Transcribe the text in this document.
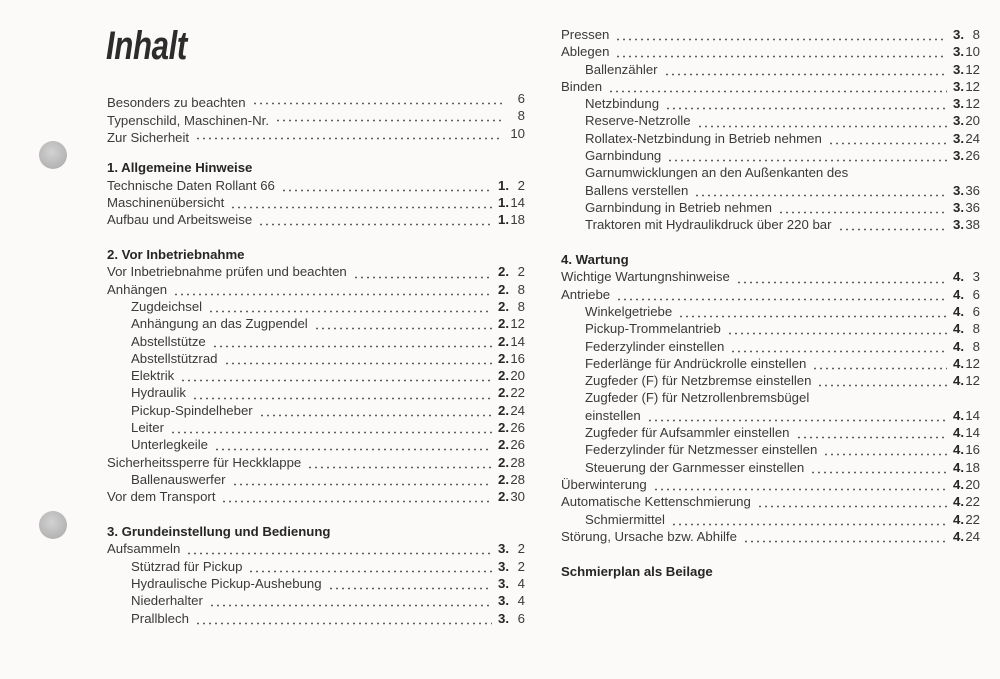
Inhalt
Besonders zu beachten	6
Typenschild, Maschinen-Nr.	8
Zur Sicherheit	10
1. Allgemeine Hinweise
Technische Daten Rollant 66	1. 2
Maschinenübersicht	1. 14
Aufbau und Arbeitsweise	1. 18
2. Vor Inbetriebnahme
Vor Inbetriebnahme prüfen und beachten	2. 2
Anhängen	2. 8
Zugdeichsel	2. 8
Anhängung an das Zugpendel	2. 12
Abstellstütze	2. 14
Abstellstützrad	2. 16
Elektrik	2. 20
Hydraulik	2. 22
Pickup-Spindelheber	2. 24
Leiter	2. 26
Unterlegkeile	2. 26
Sicherheitssperre für Heckklappe	2. 28
Ballenauswerfer	2. 28
Vor dem Transport	2. 30
3. Grundeinstellung und Bedienung
Aufsammeln	3. 2
Stützrad für Pickup	3. 2
Hydraulische Pickup-Aushebung	3. 4
Niederhalter	3. 4
Prallblech	3. 6
Pressen	3. 8
Ablegen	3. 10
Ballenzähler	3. 12
Binden	3. 12
Netzbindung	3. 12
Reserve-Netzrolle	3. 20
Rollatex-Netzbindung in Betrieb nehmen	3. 24
Garnbindung	3. 26
Garnumwicklungen an den Außenkanten des
Ballens verstellen	3. 36
Garnbindung in Betrieb nehmen	3. 36
Traktoren mit Hydraulikdruck über 220 bar	3. 38
4. Wartung
Wichtige Wartungnshinweise	4. 3
Antriebe	4. 6
Winkelgetriebe	4. 6
Pickup-Trommelantrieb	4. 8
Federzylinder einstellen	4. 8
Federlänge für Andrückrolle einstellen	4. 12
Zugfeder (F) für Netzbremse einstellen	4. 12
Zugfeder (F) für Netzrollenbremsbügel
einstellen	4. 14
Zugfeder für Aufsammler einstellen	4. 14
Federzylinder für Netzmesser einstellen	4. 16
Steuerung der Garnmesser einstellen	4. 18
Überwinterung	4. 20
Automatische Kettenschmierung	4. 22
Schmiermittel	4. 22
Störung, Ursache bzw. Abhilfe	4. 24
Schmierplan als Beilage
